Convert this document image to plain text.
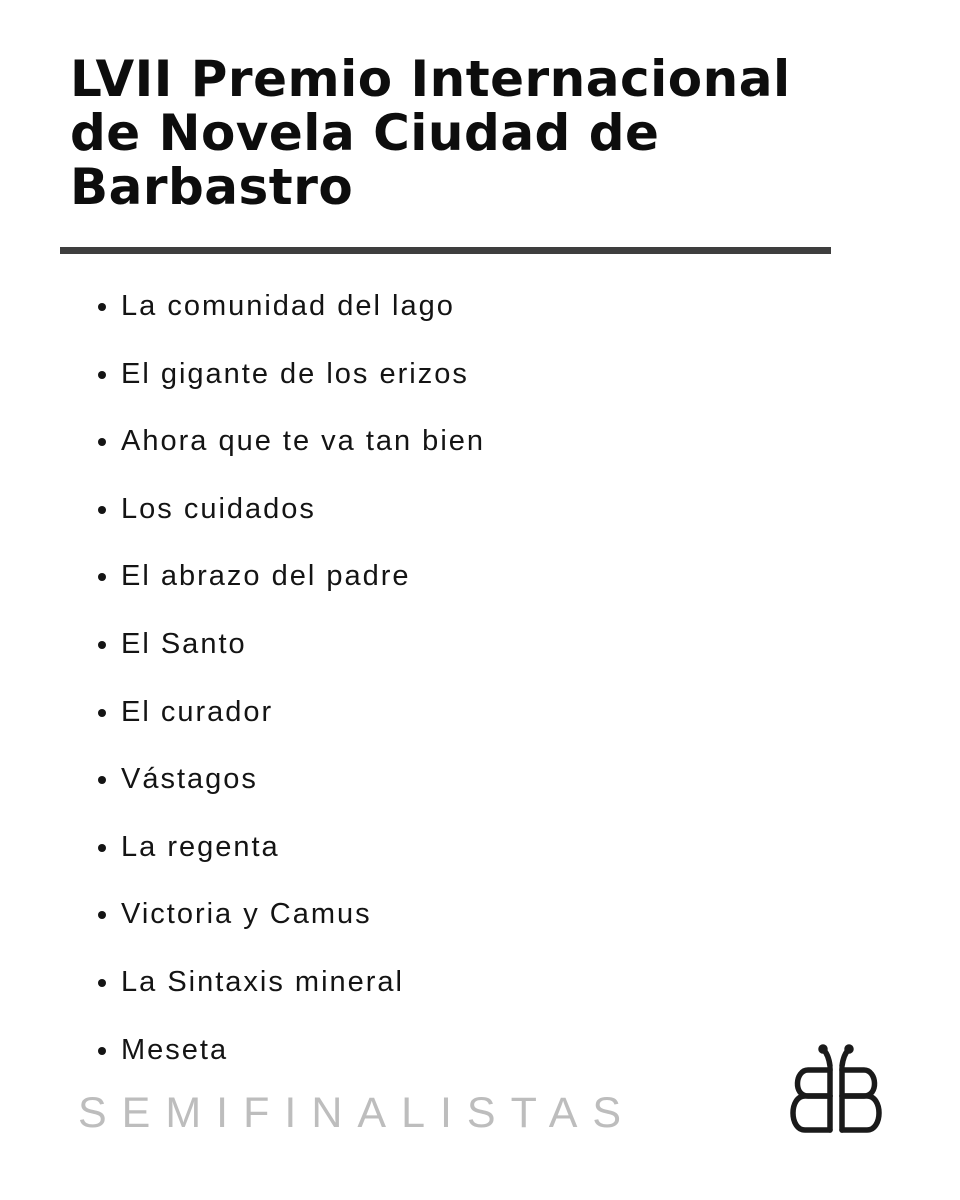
LVII Premio Internacional de Novela Ciudad de Barbastro
La comunidad del lago
El gigante de los erizos
Ahora que te va tan bien
Los cuidados
El abrazo del padre
El Santo
El curador
Vástagos
La regenta
Victoria y Camus
La Sintaxis mineral
Meseta
SEMIFINALISTAS
